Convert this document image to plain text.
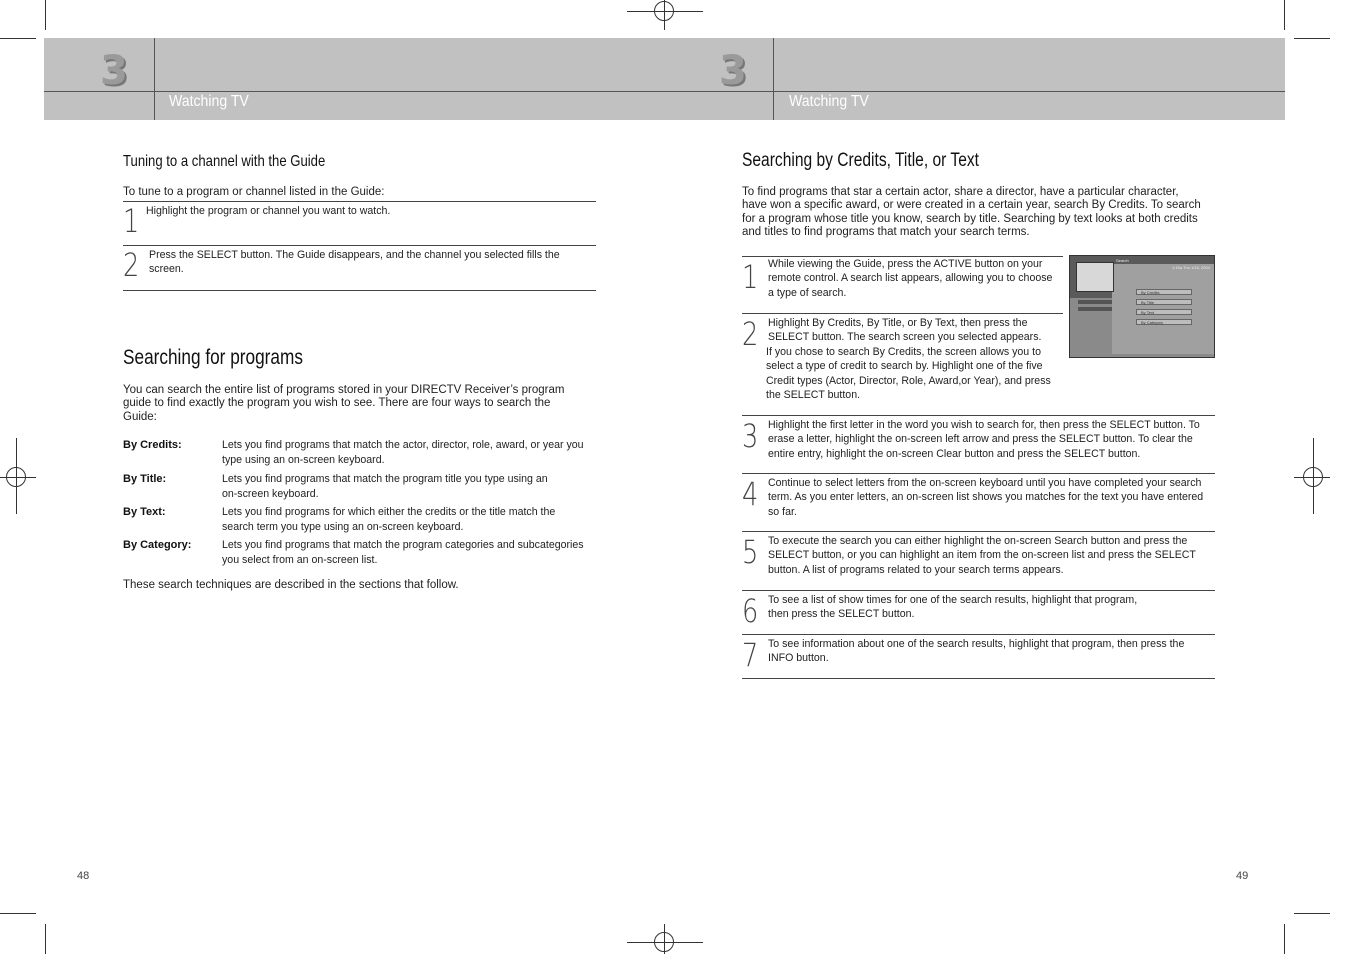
3	3
Watching TV	Watching TV
Tuning to a channel with the Guide
To tune to a program or channel listed in the Guide:
1 Highlight the program or channel you want to watch.
2 Press the SELECT button. The Guide disappears, and the channel you selected fills the screen.
Searching for programs
You can search the entire list of programs stored in your DIRECTV Receiver’s program guide to find exactly the program you wish to see. There are four ways to search the Guide:
By Credits:	Lets you find programs that match the actor, director, role, award, or year you type using an on-screen keyboard.
By Title:	Lets you find programs that match the program title you type using an on-screen keyboard.
By Text:	Lets you find programs for which either the credits or the title match the search term you type using an on-screen keyboard.
By Category:	Lets you find programs that match the program categories and subcategories you select from an on-screen list.
These search techniques are described in the sections that follow.
48
Searching by Credits, Title, or Text
To find programs that star a certain actor, share a director, have a particular character, have won a specific award, or were created in a certain year, search By Credits. To search for a program whose title you know, search by title. Searching by text looks at both credits and titles to find programs that match your search terms.
1 While viewing the Guide, press the ACTIVE button on your remote control. A search list appears, allowing you to choose a type of search.
2 Highlight By Credits, By Title, or By Text, then press the SELECT button. The search screen you selected appears.
If you chose to search By Credits, the screen allows you to select a type of credit to search by. Highlight one of the five Credit types (Actor, Director, Role, Award,or Year), and press the SELECT button.
Search
1:15a Thu 1/15, 2004
By Credits
By Title
By Text
By Category
3 Highlight the first letter in the word you wish to search for, then press the SELECT button. To erase a letter, highlight the on-screen left arrow and press the SELECT button. To clear the entire entry, highlight the on-screen Clear button and press the SELECT button.
4 Continue to select letters from the on-screen keyboard until you have completed your search term. As you enter letters, an on-screen list shows you matches for the text you have entered so far.
5 To execute the search you can either highlight the on-screen Search button and press the SELECT button, or you can highlight an item from the on-screen list and press the SELECT button. A list of programs related to your search terms appears.
6 To see a list of show times for one of the search results, highlight that program, then press the SELECT button.
7 To see information about one of the search results, highlight that program, then press the INFO button.
49
